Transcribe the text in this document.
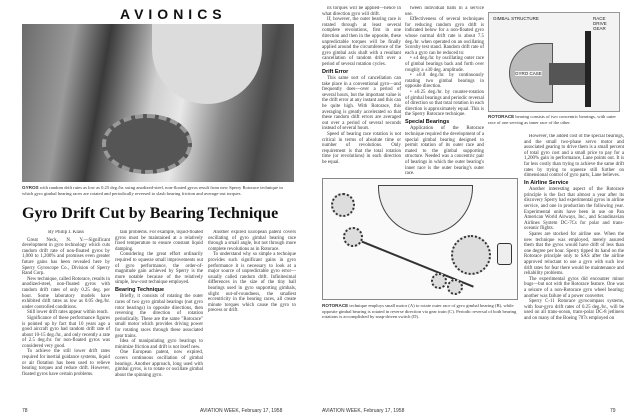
AVIONICS
GYROS with random drift rates as low as 0.25 deg./hr. using anodized-steel, non-floated gyros result from new Sperry Rotorace technique in which gyro gimbal bearing races are rotated and periodically reversed to slash bearing friction and average-out torques.
Gyro Drift Cut by Bearing Technique
By Philip J. Klass

Great Neck, N. Y.—Significant development in gyro technology which cuts random drift rate of non-floated gyros by 1,000 to 1,200% and promises even greater future gains has been revealed here by Sperry Gyroscope Co., Division of Sperry Rand Corp.

New technique, called Rotorace, results in anodized-steel, non-floated gyros with random drift rates of only 0.25 deg. per hour. Some laboratory models have exhibited drift rates as low as 0.05 deg./hr. under controlled conditions.

Still lower drift rates appear within reach.

Significance of these performance figures is pointed up by fact that 10 years ago a good aircraft gyro had random drift rate of about 10-15 deg./hr., and only recently a rate of 2.5 deg./hr. for non-floated gyros was considered very good.

To achieve the still lower drift rates required for inertial guidance systems, liquid or air flotation has been used to relieve bearing torques and reduce drift. However, floated gyros have certain problems.

tain problems. For example, liquid-floated gyros must be maintained at a relatively fixed temperature to ensure constant liquid damping.

Considering the great effort ordinarily required to squeeze small improvements out of gyro performance, the order-of-magnitude gain achieved by Sperry is the more notable because of the relatively simple, low-cost technique employed.

Bearing Technique

Briefly, it consists of rotating the outer races of two gyro gimbal bearings (not gyro rotor bearings) in opposite directions, then reversing the direction of rotation periodically. These are the same "Rotorace" small motor which provides driving power for rotating races through these associated gear trains.

Idea of manipulating gyro bearings to minimize friction and drift is not itself new.

One European patent, now expired, covers continuous oscillation of gimbal bearings. Another approach, long used with gimbal gyros, is to rotate or oscillate gimbal about the spinning gyro.

Another expired European patent covers oscillating of gyro gimbal bearing race through a small angle, but not through more complete revolutions as in Rotorace.

To understand why so simple a technique provides such significant gains in gyro performance it is necessary to look at a major source of unpredictable gyro error—usually called random drift. Infinitesimal differences in the size of the tiny ball bearings used in gyro supporting gimbals, slight out-of-roundness, the smallest eccentricity in the bearing races, all create minute torques which cause the gyro to precess or drift.

78	AVIATION WEEK, February 17, 1958

its torques will be applied—hence in what direction gyro will drift.

If, however, the outer bearing race is rotated through at least several complete revolutions, first in one direction and then in the opposite, these unpredictable torques will be finally applied around the circumference of the gyro gimbal axis shaft with a resultant cancellation of random drift over a period of several rotation cycles.

Drift Error

This same sort of cancellation can take place in a conventional gyro—and frequently does—over a period of several hours, but the important value is the drift error at any instant and this can be quite high. With Rotorace, this averaging is greatly accelerated so that these random drift errors are averaged out over a period of several seconds instead of several hours.

Speed of bearing race rotation is not critical in terms of absolute time or number of revolutions. Only requirement is that the total rotation time (or revolutions) in each direction be equal.

tween individual balls in a service use.

Effectiveness of several techniques for reducing random gyro drift is indicated below for a non-floated gyro whose normal drift rate is about 7.5 deg./hr. when operated on an oscillating Scorsby test stand. Random drift rate of each a gyro can be reduced to:

• ±4 deg./hr. by oscillating outer race of gimbal bearings back and forth over roughly a ±30 deg. amplitude.

• ±0.8 deg./hr. by continuously rotating two gimbal bearings in opposite direction.

• ±0.25 deg./hr. by counter-rotation of gimbal bearings and periodic reversal of direction so that total rotation in each direction is approximately equal. This is the Sperry Rotorace technique.

Special Bearings

Application of the Rotorace technique required the development of a special gimbal bearing designed to permit rotation of its outer race and mated to the gimbal supporting structure. Needed was a concentric pair of bearings in which the outer bearing's inner race is the outer bearing's outer race.

GIMBAL STRUCTURE	RACE DRIVE GEAR
GYRO CASE
ROTORACE bearing consists of two concentric bearings, with outer race of one serving as inner race of the other.

However, the added cost of the special bearings, and the small two-phase servo motor and associated gearing to drive them is a small percent of total gyro cost and a small price to pay for a 1,200% gain in performance, Lane points out. It is far less costly than trying to achieve the same drift rates by trying to squeeze still further on dimensional control of gyro parts, Lane believes.

In Airline Service

Another interesting aspect of the Rotorace principle is the fact that almost a year after its discovery Sperry had experimental gyros in airline service, and one in production the following year. Experimental units have been in use on Pan American World Airways, Inc., and Scandinavian Airlines System DC-7Cs for polar and trans-oceanic flights.

Spares are stocked for airline use. When the new technique was employed, merely assured them that the gyros would have drift of less than one degree per hour. Sperry tipped its hand on the Rotorace principle only to SAS after the airline approved reluctant to use a gyro with such low drift rates for fear there would be maintenance and reliability problems.

The experimental gyros did encounter minor bugs—but not with the Rotorace feature. One was a seizure of a non-Rotorace gyro wheel bearing; another was failure of a power converter.

Sperry C-11 Rotorace gyrocompass systems, with four-gyro drift rates of 0.25 deg./hr., will be used on all trans-ocean, trans-polar DC-8 jetliners and on many of the Boeing 707s employed on

ROTORACE technique employs small motor (A) to rotate outer race of gyro gimbal bearing (B), while opposite gimbal bearing is rotated in reverse direction via gear train (C). Periodic reversal of both bearing rotations is accomplished by snap-driven switch (D).
AVIATION WEEK, February 17, 1958	79
